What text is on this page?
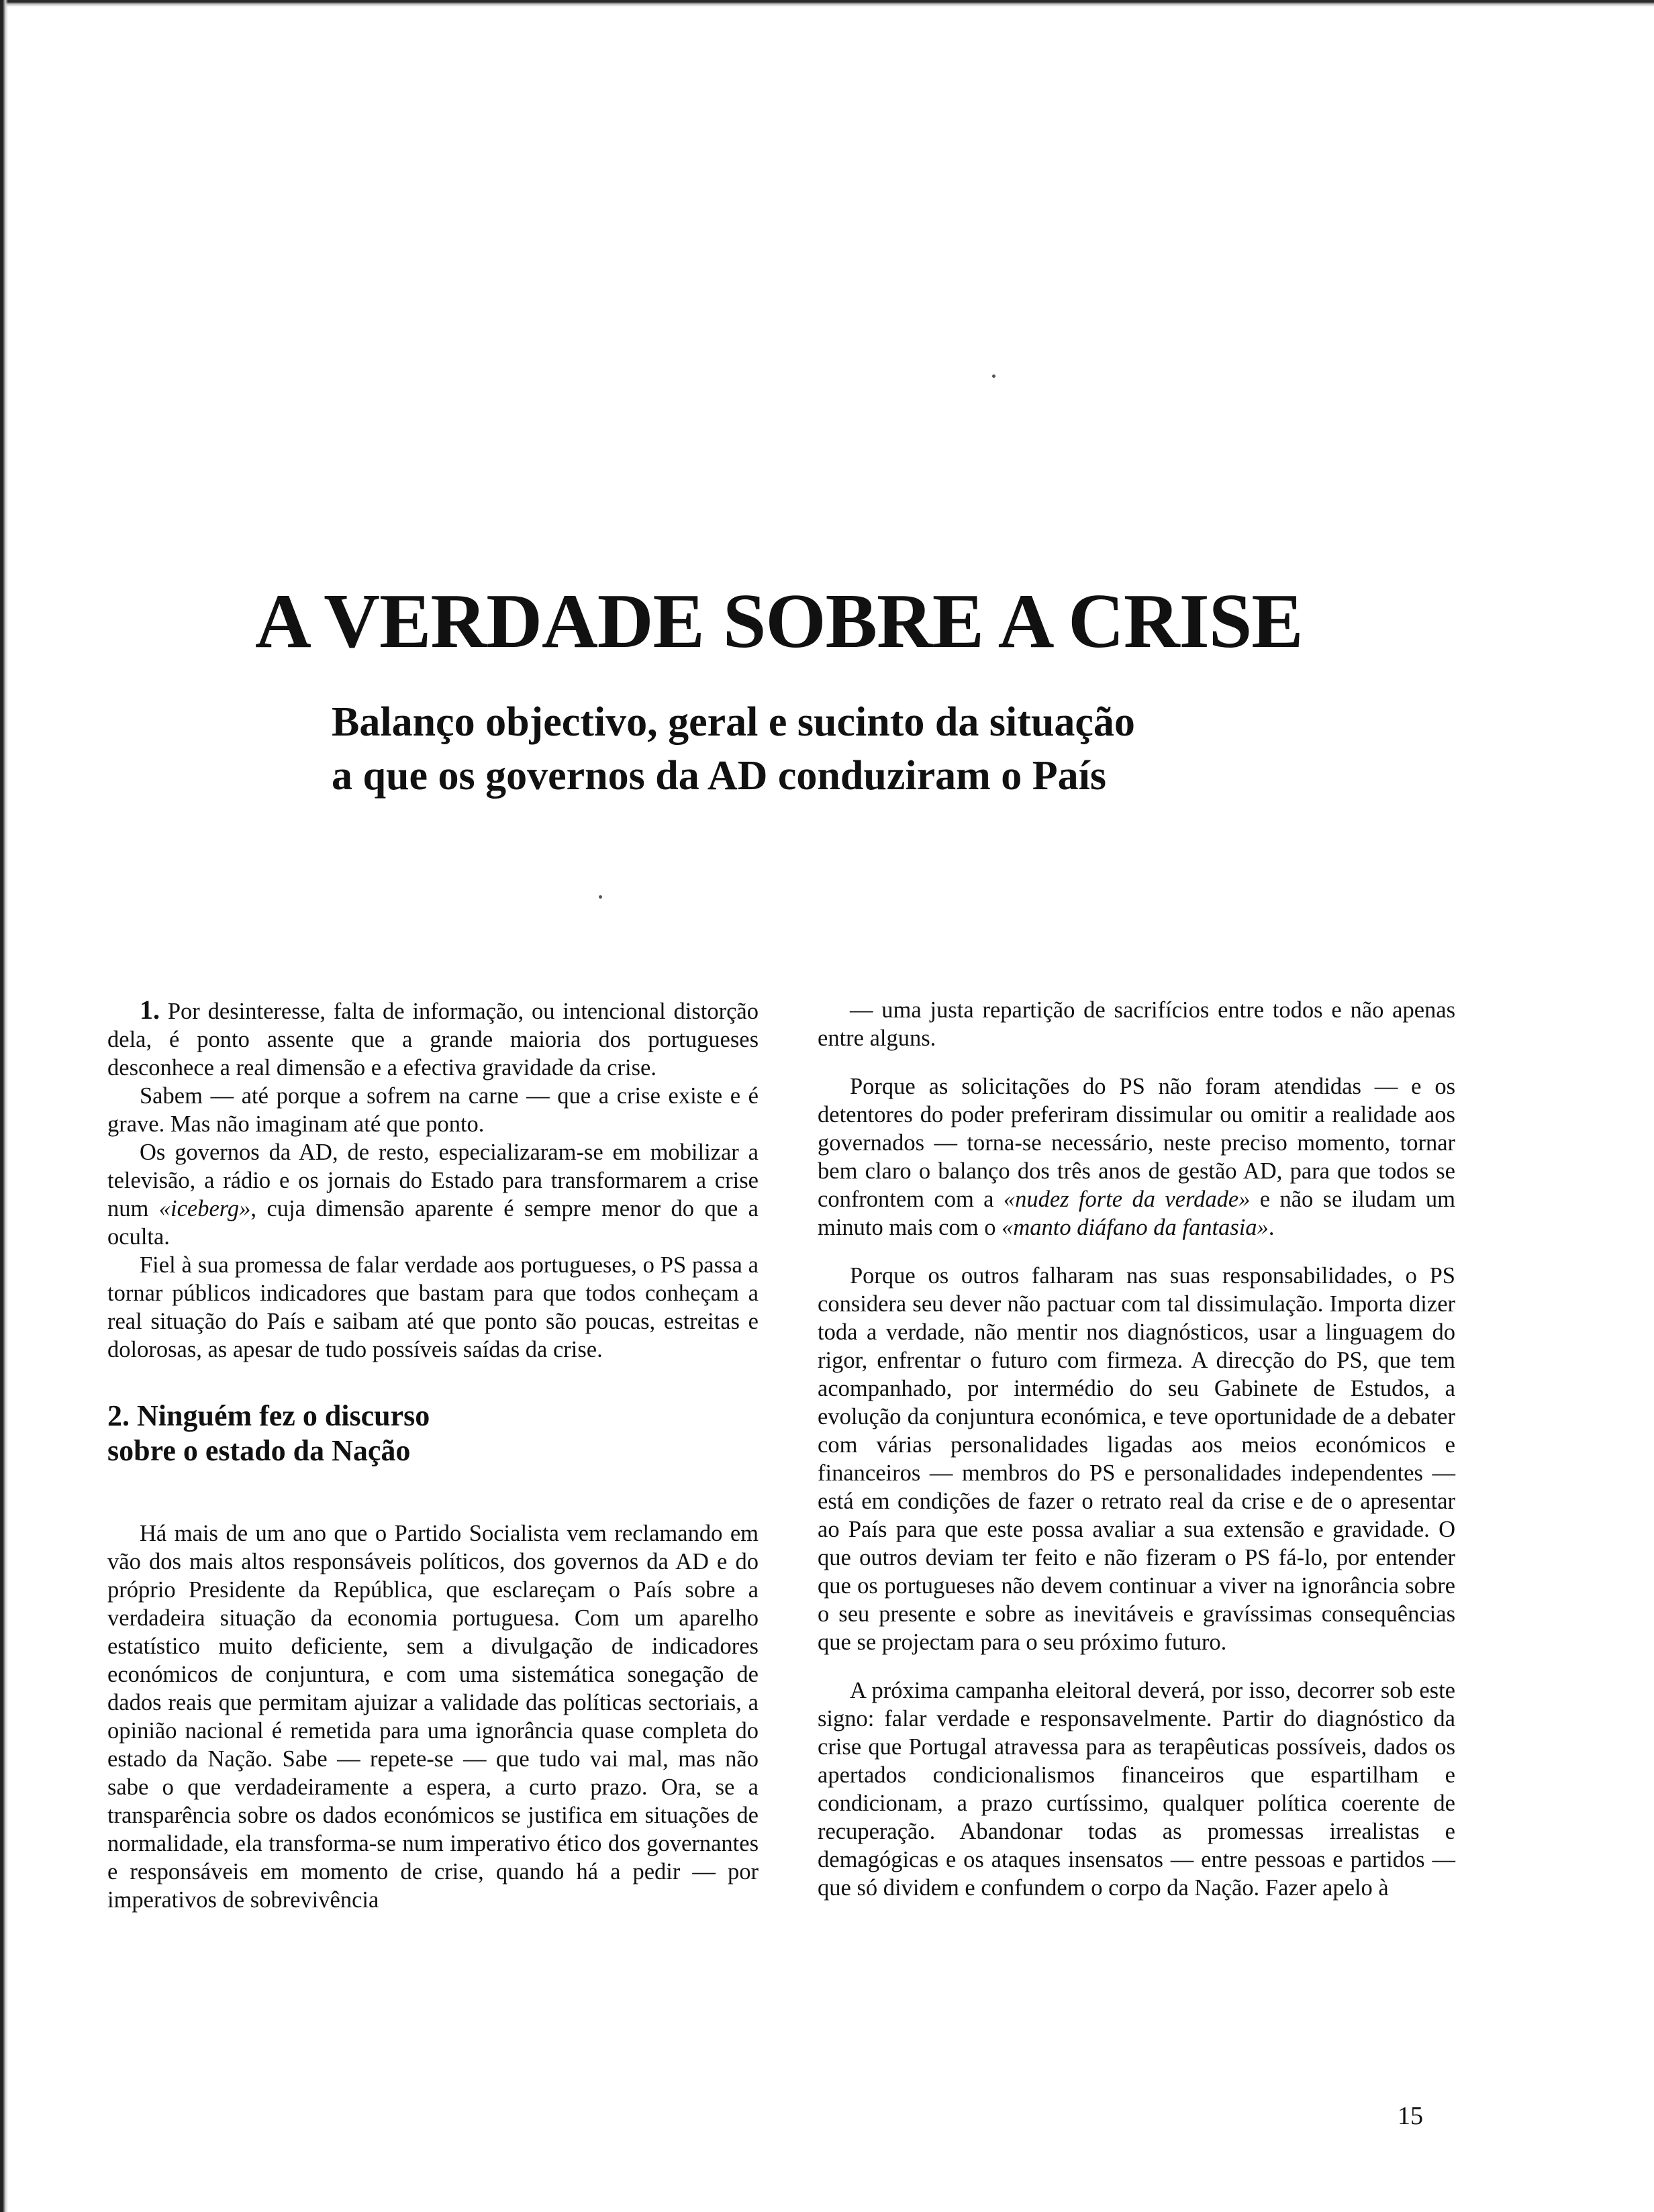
A VERDADE SOBRE A CRISE
Balanço objectivo, geral e sucinto da situação
a que os governos da AD conduziram o País

1. Por desinteresse, falta de informação, ou intencional distorção dela, é ponto assente que a grande maioria dos portugueses desconhece a real dimensão e a efectiva gravidade da crise.

Sabem — até porque a sofrem na carne — que a crise existe e é grave. Mas não imaginam até que ponto.

Os governos da AD, de resto, especializaram-se em mobilizar a televisão, a rádio e os jornais do Estado para transformarem a crise num «iceberg», cuja dimensão aparente é sempre menor do que a oculta.

Fiel à sua promessa de falar verdade aos portugueses, o PS passa a tornar públicos indicadores que bastam para que todos conheçam a real situação do País e saibam até que ponto são poucas, estreitas e dolorosas, as apesar de tudo possíveis saídas da crise.

2. Ninguém fez o discurso
sobre o estado da Nação

Há mais de um ano que o Partido Socialista vem reclamando em vão dos mais altos responsáveis políticos, dos governos da AD e do próprio Presidente da República, que esclareçam o País sobre a verdadeira situação da economia portuguesa. Com um aparelho estatístico muito deficiente, sem a divulgação de indicadores económicos de conjuntura, e com uma sistemática sonegação de dados reais que permitam ajuizar a validade das políticas sectoriais, a opinião nacional é remetida para uma ignorância quase completa do estado da Nação. Sabe — repete-se — que tudo vai mal, mas não sabe o que verdadeiramente a espera, a curto prazo. Ora, se a transparência sobre os dados económicos se justifica em situações de normalidade, ela transforma-se num imperativo ético dos governantes e responsáveis em momento de crise, quando há a pedir — por imperativos de sobrevivência

— uma justa repartição de sacrifícios entre todos e não apenas entre alguns.

Porque as solicitações do PS não foram atendidas — e os detentores do poder preferiram dissimular ou omitir a realidade aos governados — torna-se necessário, neste preciso momento, tornar bem claro o balanço dos três anos de gestão AD, para que todos se confrontem com a «nudez forte da verdade» e não se iludam um minuto mais com o «manto diáfano da fantasia».

Porque os outros falharam nas suas responsabilidades, o PS considera seu dever não pactuar com tal dissimulação. Importa dizer toda a verdade, não mentir nos diagnósticos, usar a linguagem do rigor, enfrentar o futuro com firmeza. A direcção do PS, que tem acompanhado, por intermédio do seu Gabinete de Estudos, a evolução da conjuntura económica, e teve oportunidade de a debater com várias personalidades ligadas aos meios económicos e financeiros — membros do PS e personalidades independentes — está em condições de fazer o retrato real da crise e de o apresentar ao País para que este possa avaliar a sua extensão e gravidade. O que outros deviam ter feito e não fizeram o PS fá-lo, por entender que os portugueses não devem continuar a viver na ignorância sobre o seu presente e sobre as inevitáveis e gravíssimas consequências que se projectam para o seu próximo futuro.

A próxima campanha eleitoral deverá, por isso, decorrer sob este signo: falar verdade e responsavelmente. Partir do diagnóstico da crise que Portugal atravessa para as terapêuticas possíveis, dados os apertados condicionalismos financeiros que espartilham e condicionam, a prazo curtíssimo, qualquer política coerente de recuperação. Abandonar todas as promessas irrealistas e demagógicas e os ataques insensatos — entre pessoas e partidos — que só dividem e confundem o corpo da Nação. Fazer apelo à

15
